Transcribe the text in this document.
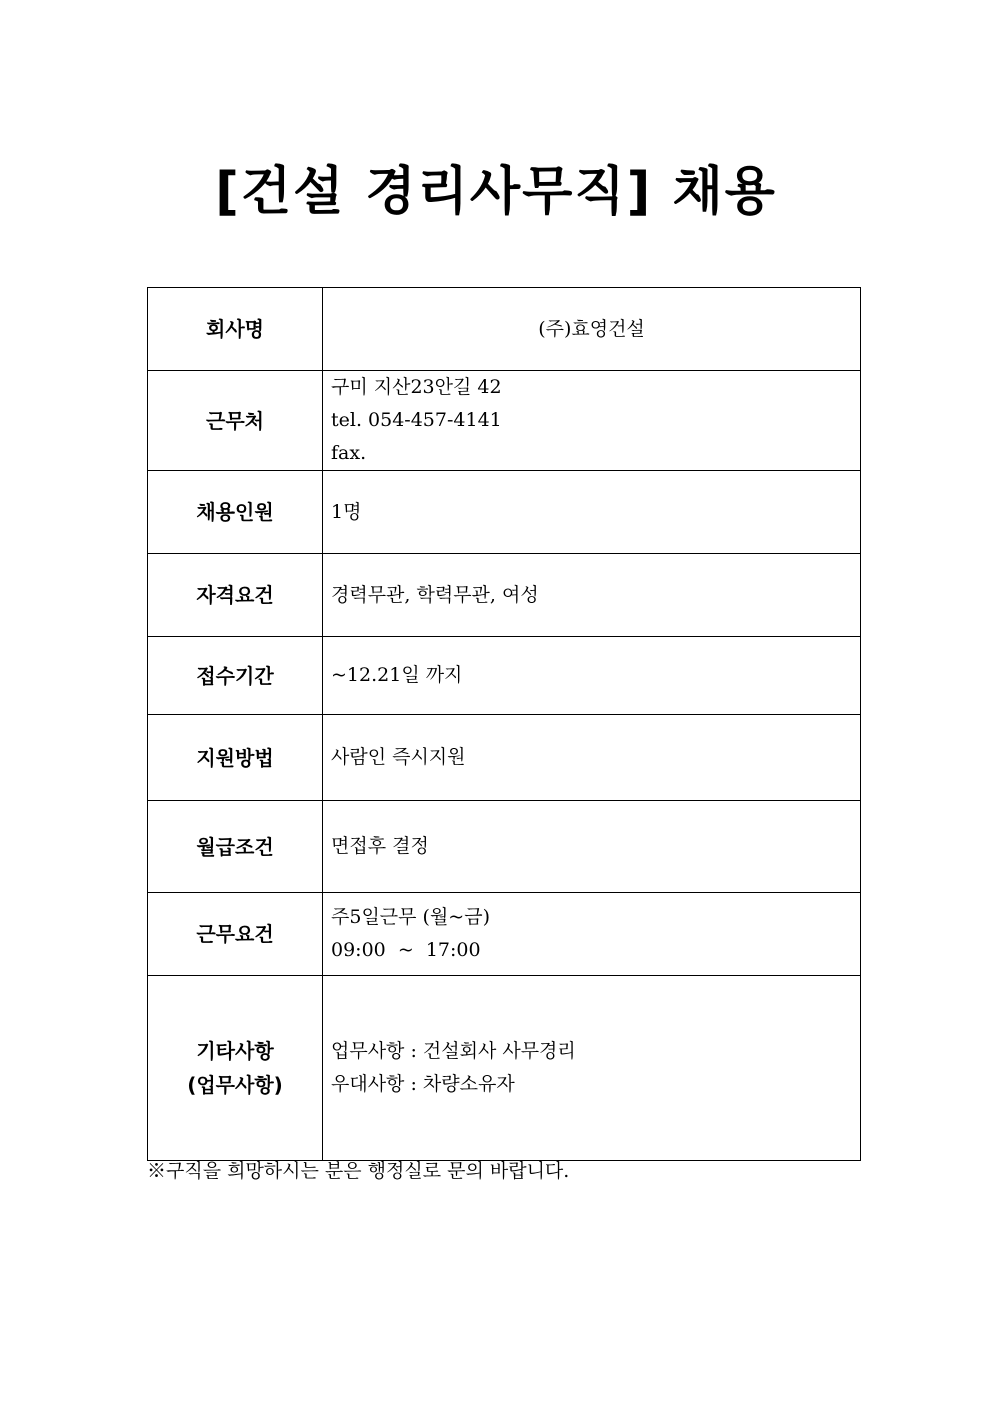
[건설 경리사무직] 채용
회사명	(주)효영건설

근무처	구미 지산23안길 42
tel. 054-457-4141
fax.

채용인원	1명

자격요건	경력무관, 학력무관, 여성

접수기간	~12.21일 까지

지원방법	사람인 즉시지원

월급조건	면접후 결정

근무요건	주5일근무 (월~금)
09:00  ~  17:00

기타사항
(업무사항)	업무사항 : 건설회사 사무경리
우대사항 : 차량소유자

※구직을 희망하시는 분은 행정실로 문의 바랍니다.
